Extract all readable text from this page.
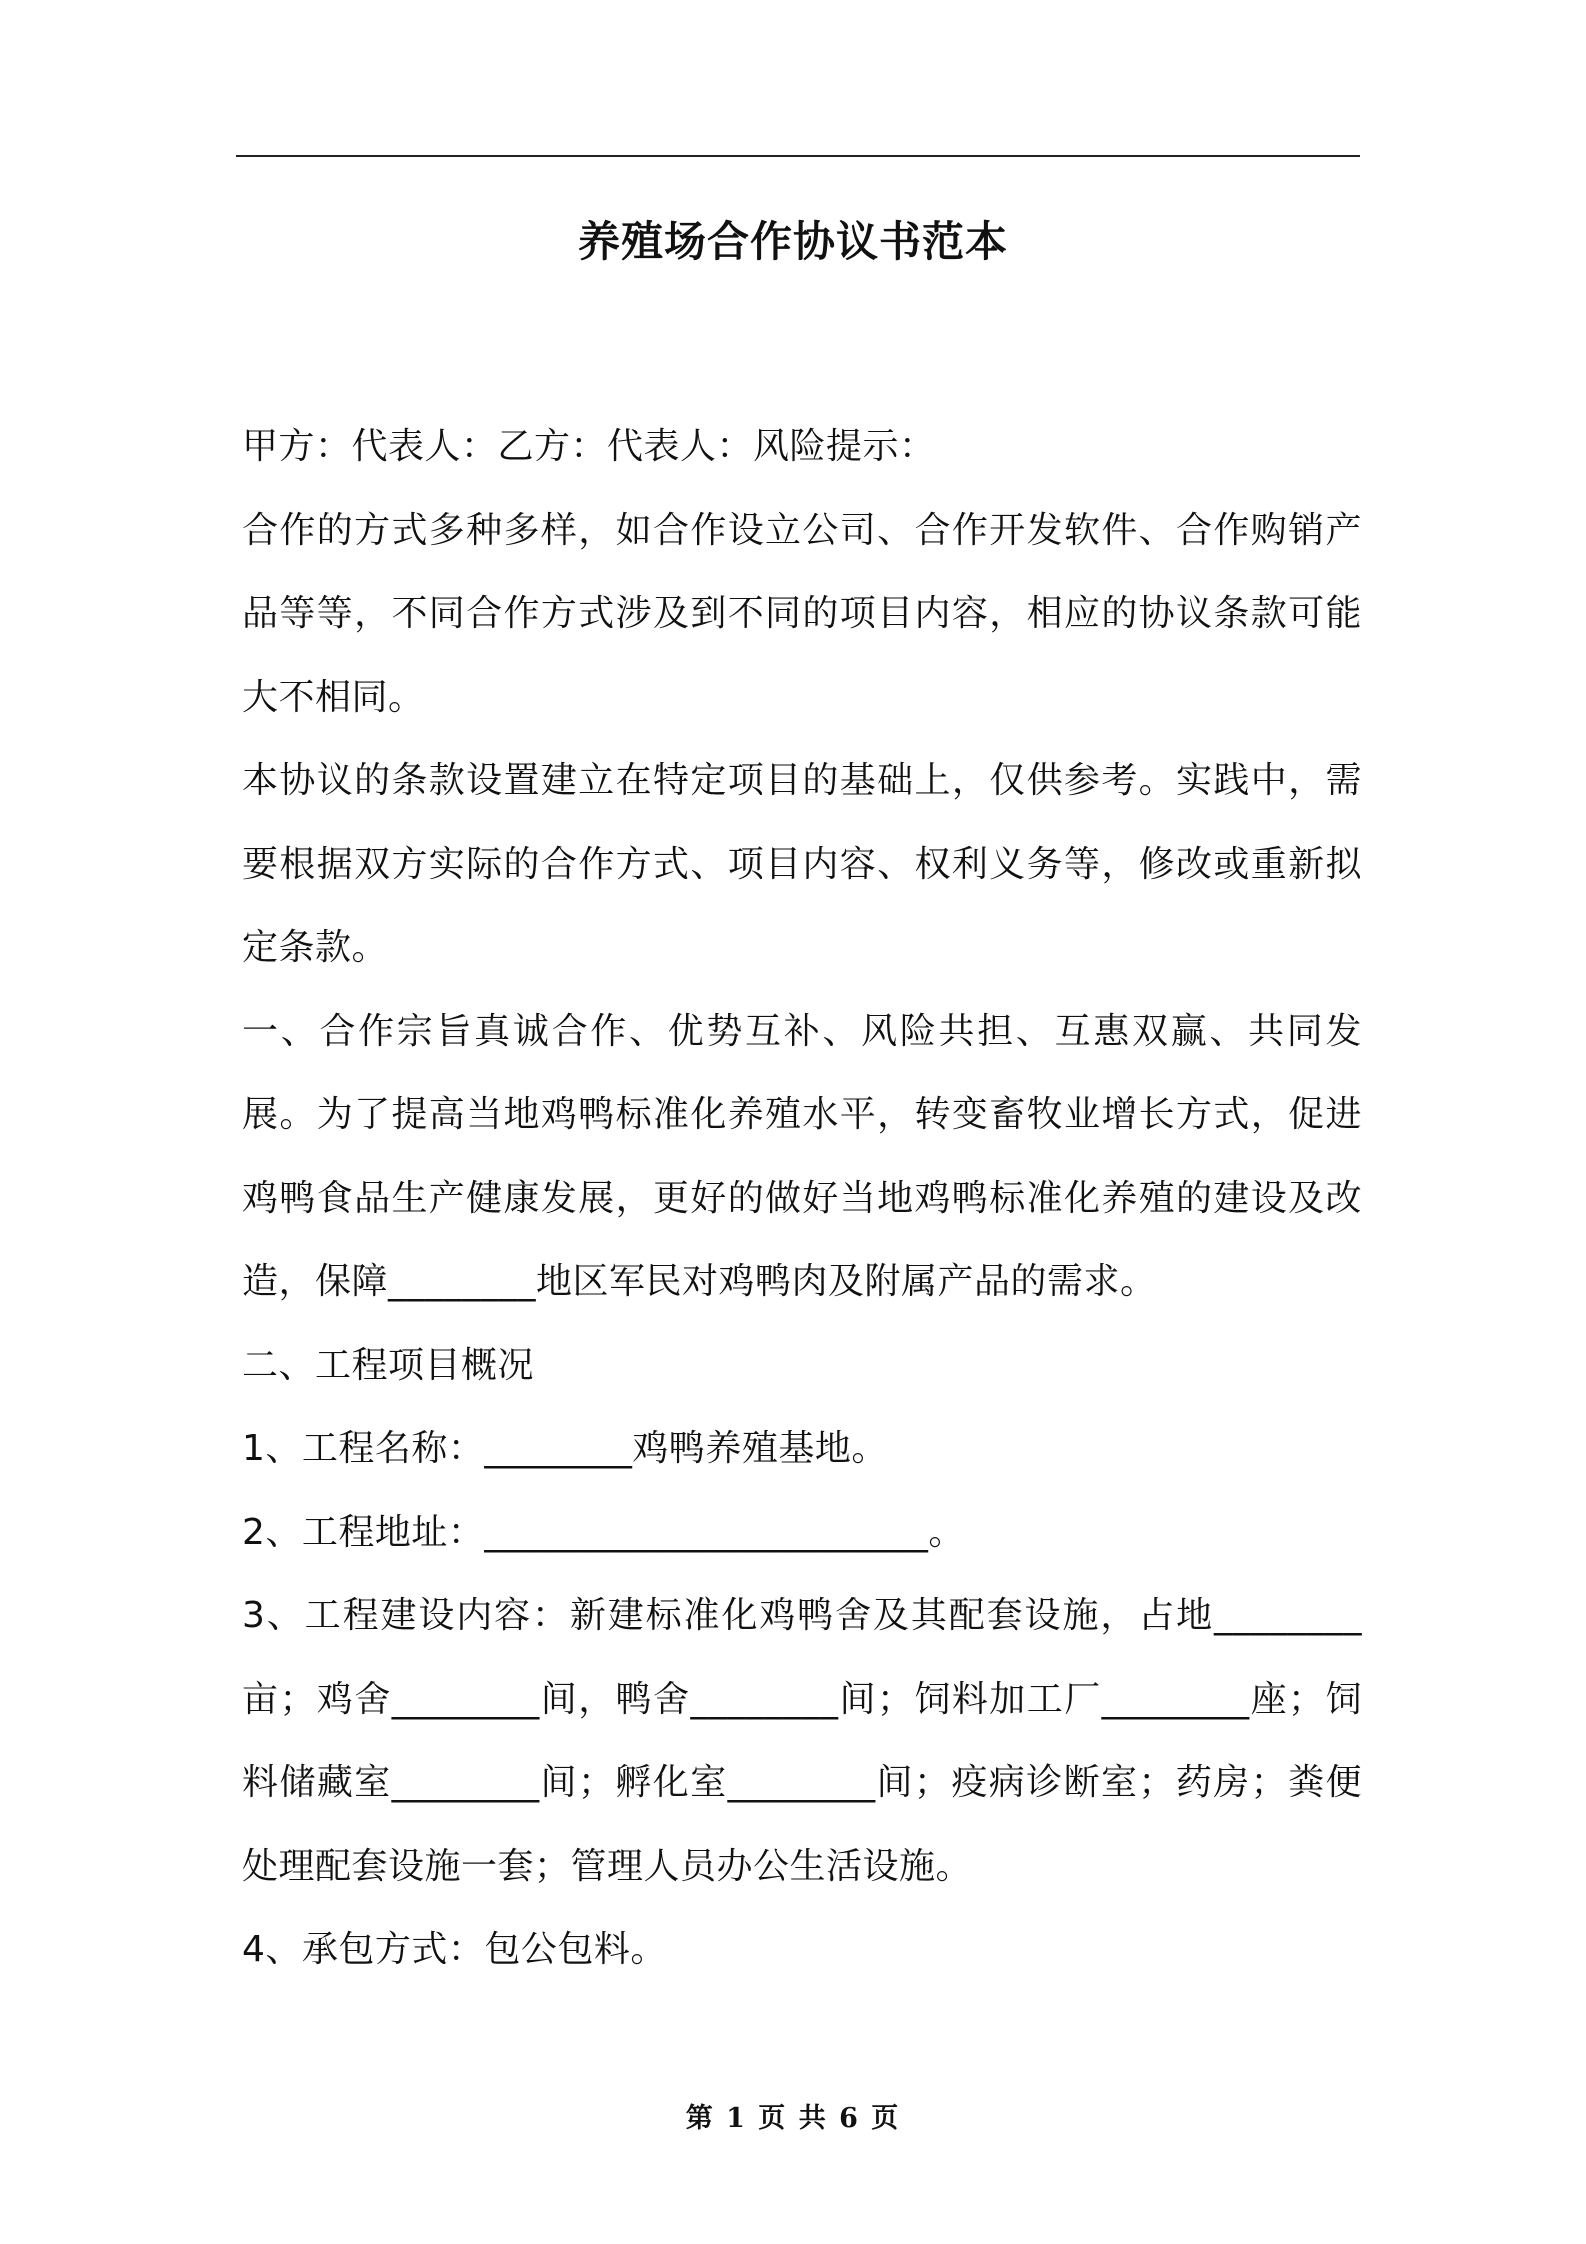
养殖场合作协议书范本

甲方：代表人：乙方：代表人：风险提示：

合作的方式多种多样，如合作设立公司、合作开发软件、合作购销产品等等，不同合作方式涉及到不同的项目内容，相应的协议条款可能大不相同。

本协议的条款设置建立在特定项目的基础上，仅供参考。实践中，需要根据双方实际的合作方式、项目内容、权利义务等，修改或重新拟定条款。

一、合作宗旨真诚合作、优势互补、风险共担、互惠双赢、共同发展。为了提高当地鸡鸭标准化养殖水平，转变畜牧业增长方式，促进鸡鸭食品生产健康发展，更好的做好当地鸡鸭标准化养殖的建设及改造，保障________地区军民对鸡鸭肉及附属产品的需求。

二、工程项目概况

1、工程名称：________鸡鸭养殖基地。

2、工程地址：________________________。

3、工程建设内容：新建标准化鸡鸭舍及其配套设施，占地________亩；鸡舍________间，鸭舍________间；饲料加工厂________座；饲料储藏室________间；孵化室________间；疫病诊断室；药房；粪便处理配套设施一套；管理人员办公生活设施。

4、承包方式：包公包料。

第 1 页 共 6 页
